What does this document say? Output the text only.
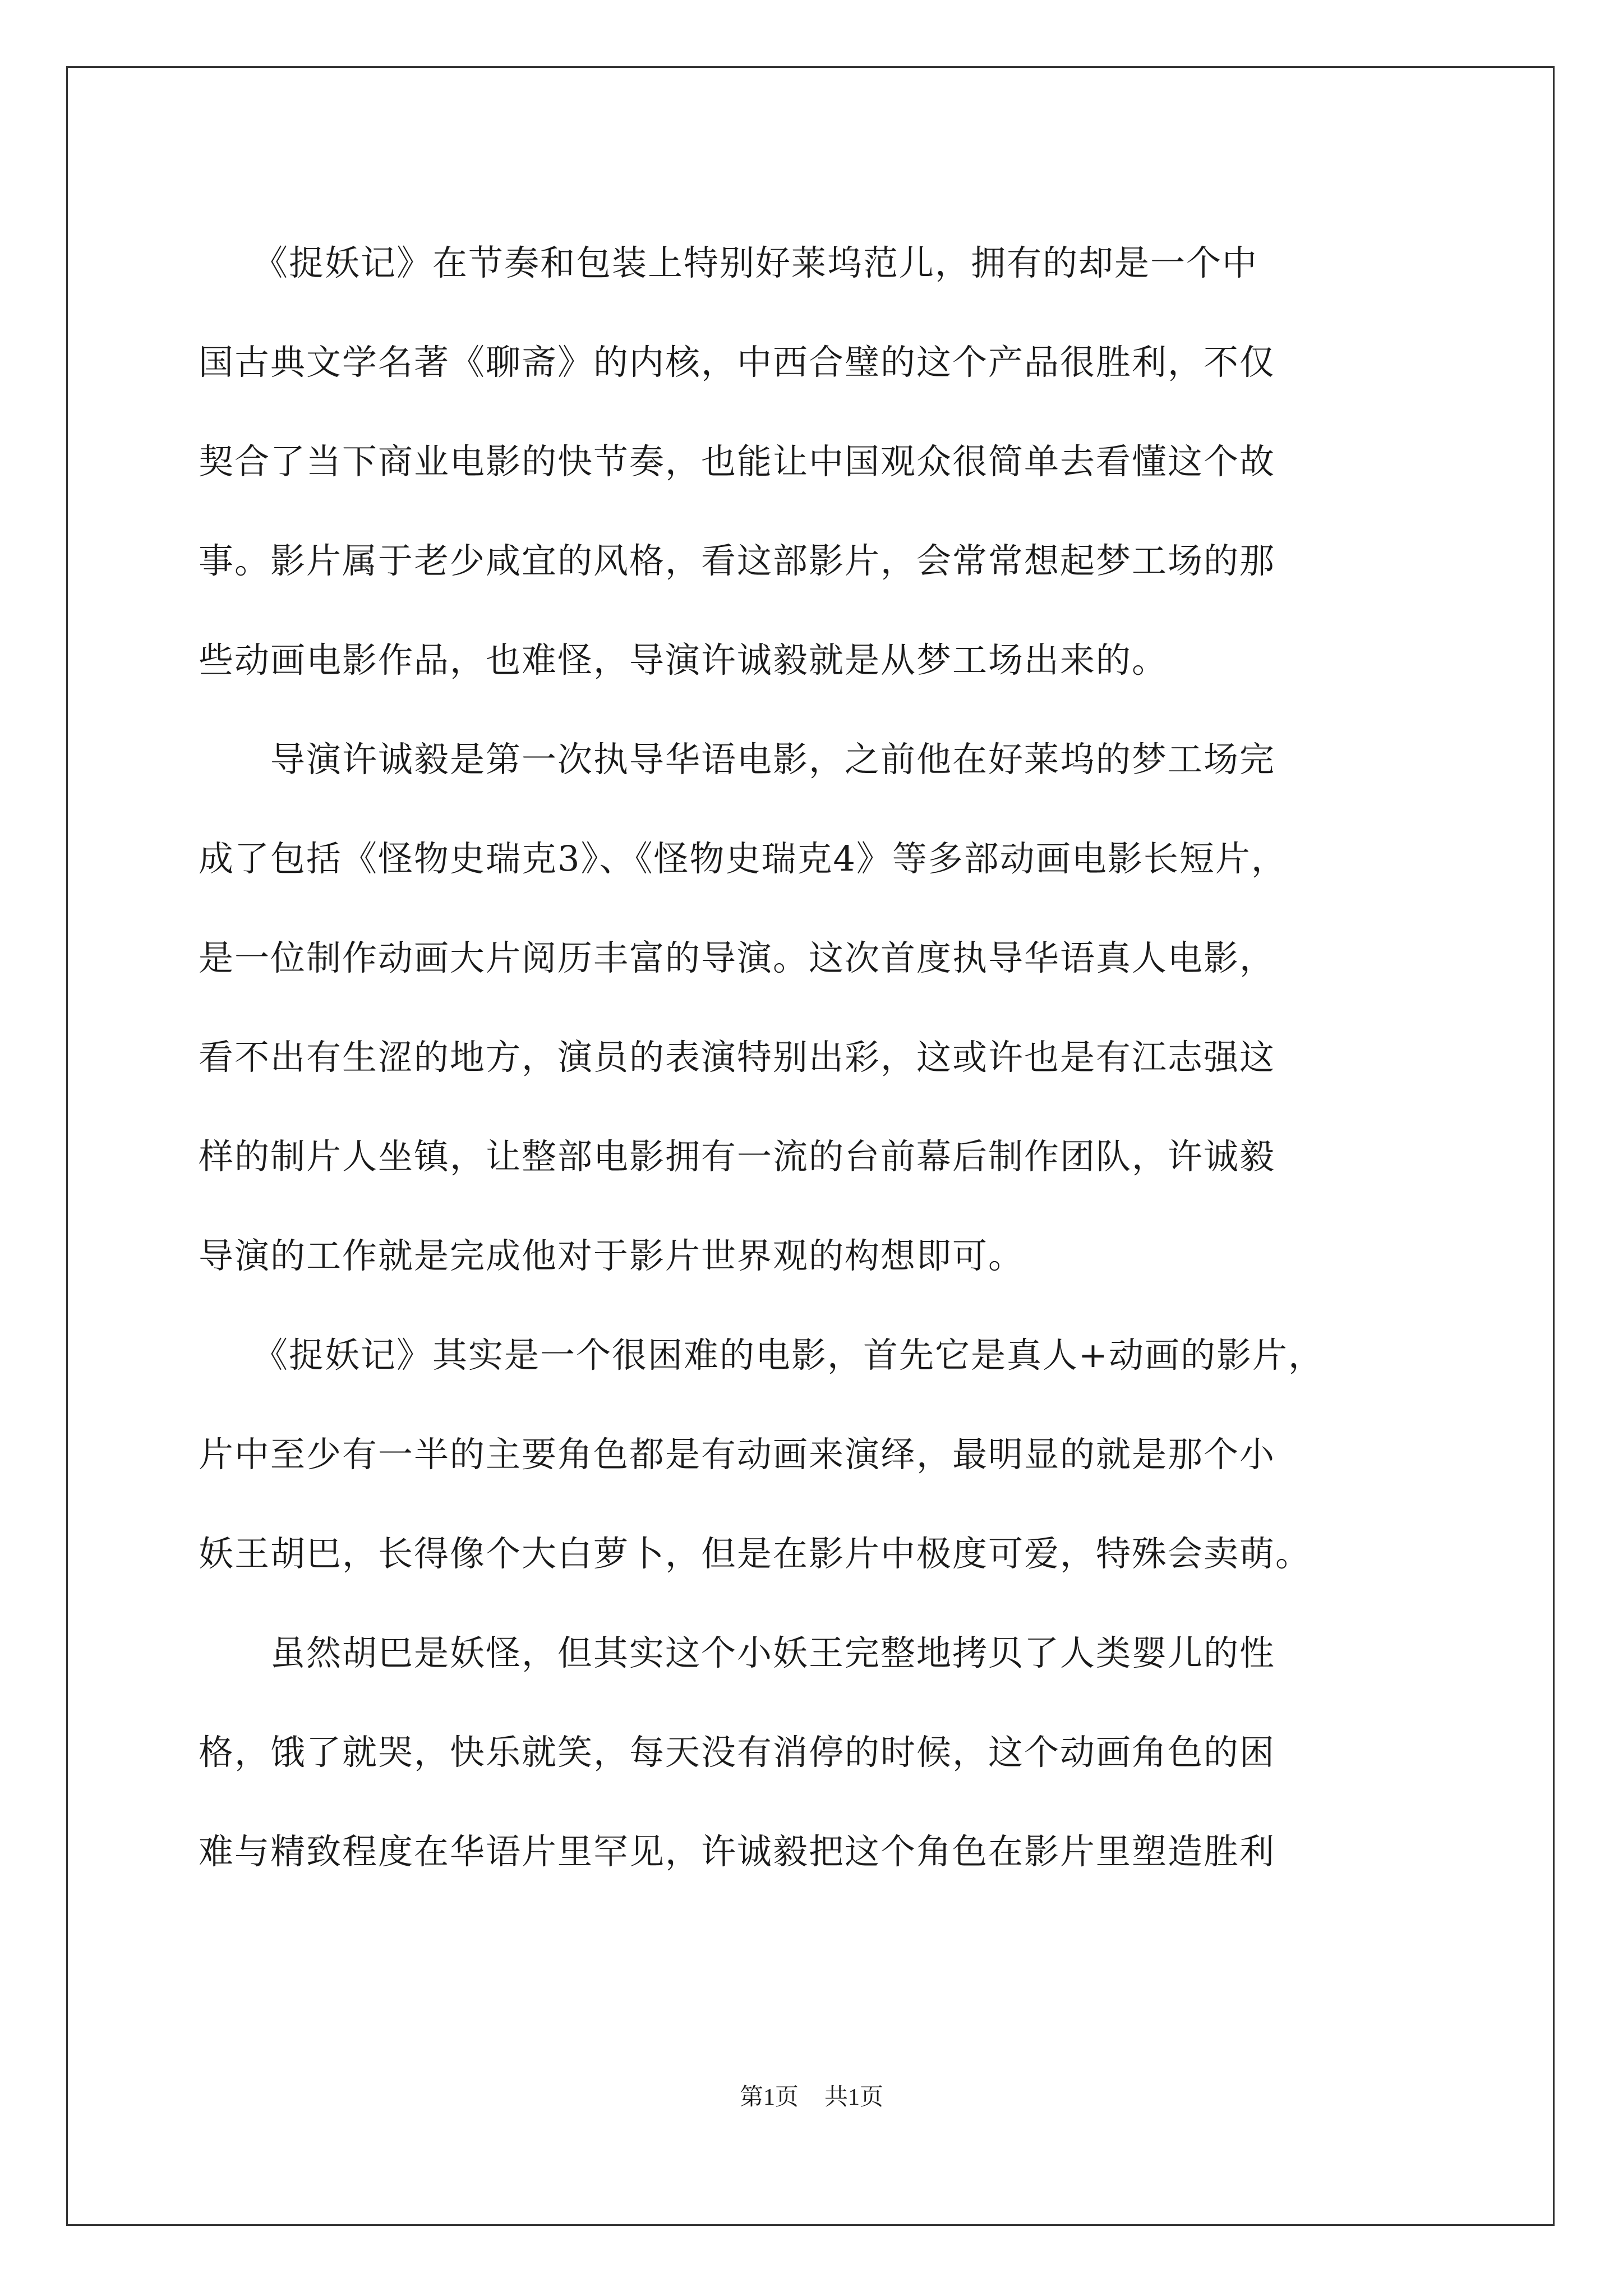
　　《捉妖记》在节奏和包装上特别好莱坞范儿，拥有的却是一个中
国古典文学名著《聊斋》的内核，中西合璧的这个产品很胜利，不仅
契合了当下商业电影的快节奏，也能让中国观众很简单去看懂这个故
事。影片属于老少咸宜的风格，看这部影片，会常常想起梦工场的那
些动画电影作品，也难怪，导演许诚毅就是从梦工场出来的。
　　导演许诚毅是第一次执导华语电影，之前他在好莱坞的梦工场完
成了包括《怪物史瑞克3》、《怪物史瑞克4》等多部动画电影长短片，
是一位制作动画大片阅历丰富的导演。这次首度执导华语真人电影，
看不出有生涩的地方，演员的表演特别出彩，这或许也是有江志强这
样的制片人坐镇，让整部电影拥有一流的台前幕后制作团队，许诚毅
导演的工作就是完成他对于影片世界观的构想即可。
　　《捉妖记》其实是一个很困难的电影，首先它是真人+动画的影片，
片中至少有一半的主要角色都是有动画来演绎，最明显的就是那个小
妖王胡巴，长得像个大白萝卜，但是在影片中极度可爱，特殊会卖萌。
　　虽然胡巴是妖怪，但其实这个小妖王完整地拷贝了人类婴儿的性
格，饿了就哭，快乐就笑，每天没有消停的时候，这个动画角色的困
难与精致程度在华语片里罕见，许诚毅把这个角色在影片里塑造胜利
第1页 共1页
